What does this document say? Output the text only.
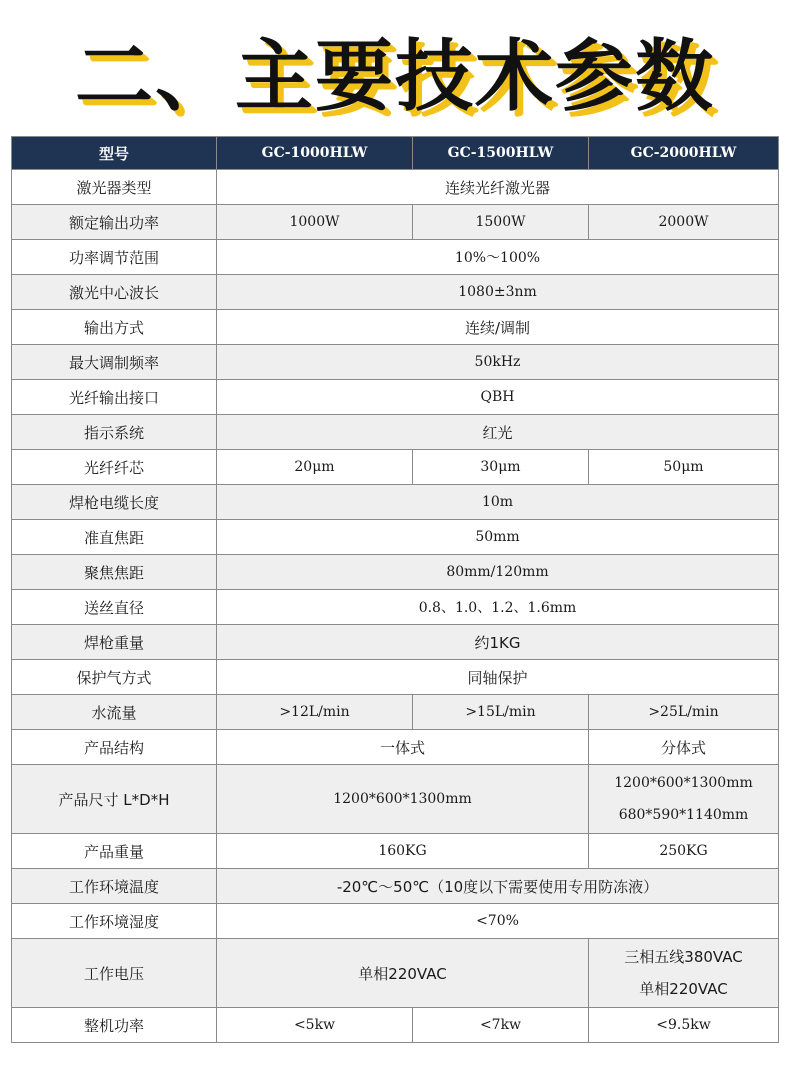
二、主要技术参数
型号	GC-1000HLW	GC-1500HLW	GC-2000HLW
激光器类型	连续光纤激光器		
额定输出功率	1000W	1500W	2000W
功率调节范围	10%～100%		
激光中心波长	1080±3nm		
输出方式	连续/调制		
最大调制频率	50kHz		
光纤输出接口	QBH		
指示系统	红光		
光纤纤芯	20μm	30μm	50μm
焊枪电缆长度	10m		
准直焦距	50mm		
聚焦焦距	80mm/120mm		
送丝直径	0.8、1.0、1.2、1.6mm		
焊枪重量	约1KG		
保护气方式	同轴保护		
水流量	>12L/min	>15L/min	>25L/min
产品结构	一体式		分体式
产品尺寸 L*D*H	1200*600*1300mm		1200*600*1300mm
680*590*1140mm

产品重量	160KG		250KG
工作环境温度	-20℃～50℃（10度以下需要使用专用防冻液）		
工作环境湿度	<70%		
工作电压	单相220VAC		三相五线380VAC
单相220VAC

整机功率	<5kw	<7kw	<9.5kw
